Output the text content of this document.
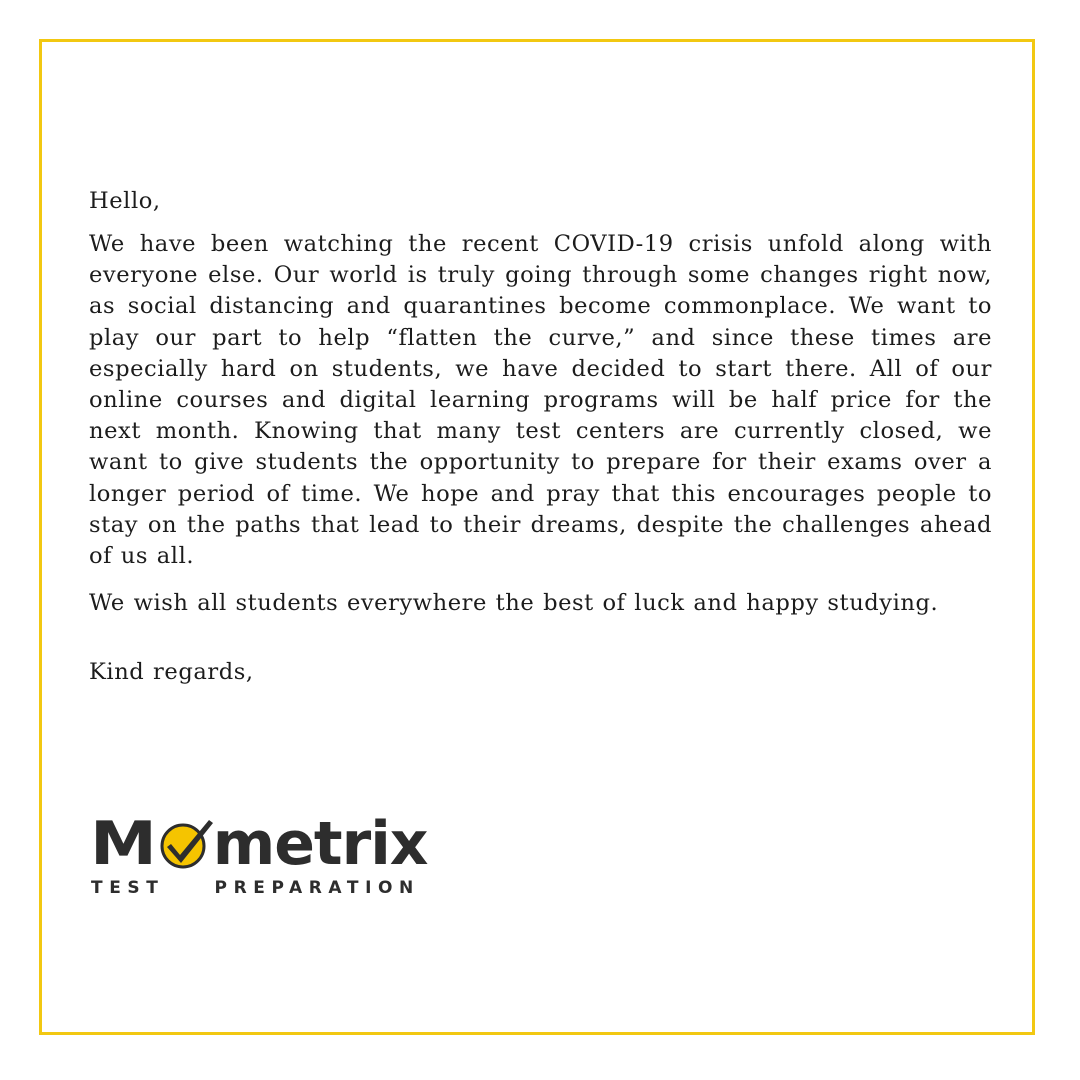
Hello,

We have been watching the recent COVID-19 crisis unfold along with everyone else. Our world is truly going through some changes right now, as social distancing and quarantines become commonplace. We want to play our part to help “flatten the curve,” and since these times are especially hard on students, we have decided to start there. All of our online courses and digital learning programs will be half price for the next month. Knowing that many test centers are currently closed, we want to give students the opportunity to prepare for their exams over a longer period of time. We hope and pray that this encourages people to stay on the paths that lead to their dreams, despite the challenges ahead of us all.

We wish all students everywhere the best of luck and happy studying.

Kind regards,

M metrix
TEST    PREPARATION
